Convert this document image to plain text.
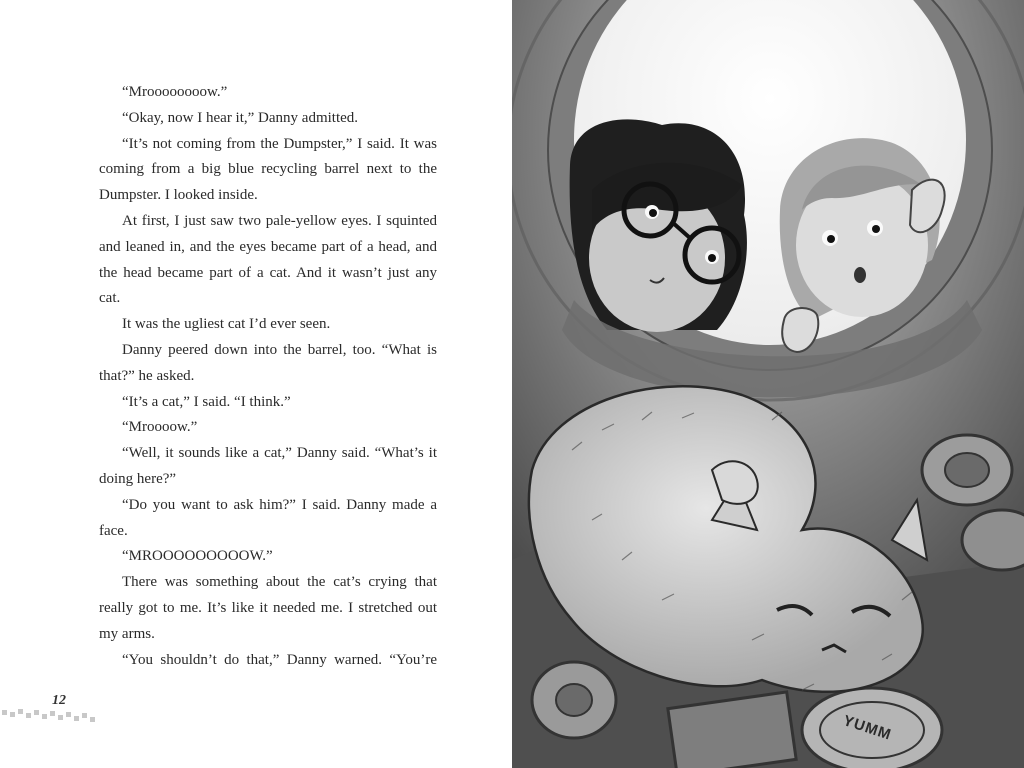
“Mroooooooow.”

“Okay, now I hear it,” Danny admitted.

“It’s not coming from the Dumpster,” I said. It was coming from a big blue recycling barrel next to the Dumpster. I looked inside.

At first, I just saw two pale-yellow eyes. I squinted and leaned in, and the eyes became part of a head, and the head became part of a cat. And it wasn’t just any cat.

It was the ugliest cat I’d ever seen.

Danny peered down into the barrel, too. “What is that?” he asked.

“It’s a cat,” I said. “I think.”

“Mroooow.”

“Well, it sounds like a cat,” Danny said. “What’s it doing here?”

“Do you want to ask him?” I said. Danny made a face.

“MROOOOOOOOOW.”

There was something about the cat’s crying that really got to me. It’s like it needed me. I stretched out my arms.

“You shouldn’t do that,” Danny warned. “You’re

12
YUMM
